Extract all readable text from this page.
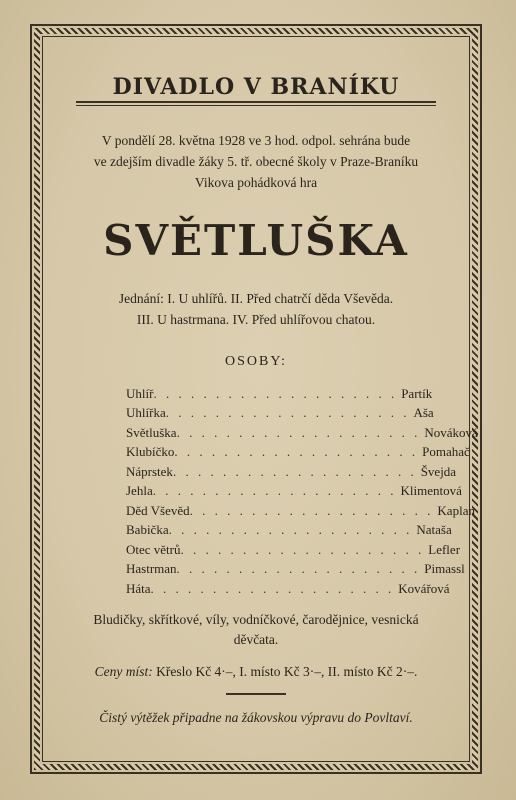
DIVADLO V BRANÍKU
V pondělí 28. května 1928 ve 3 hod. odpol. sehrána bude
ve zdejším divadle žáky 5. tř. obecné školy v Praze-Braníku
Vikova pohádková hra
SVĚTLUŠKA
Jednání: I. U uhlířů. II. Před chatrčí děda Vševěda.
III. U hastrmana. IV. Před uhlířovou chatou.
OSOBY:
Uhlíř . . . . . . . . . . . . . . . . . . . . Partík
Uhlířka . . . . . . . . . . . . . . . . . . . . Aša
Světluška . . . . . . . . . . . . . . . . . . . . Nováková
Klubíčko . . . . . . . . . . . . . . . . . . . . Pomahač
Náprstek . . . . . . . . . . . . . . . . . . . . Švejda
Jehla . . . . . . . . . . . . . . . . . . . . Klimentová
Děd Vševěd . . . . . . . . . . . . . . . . . . . . Kaplan
Babička . . . . . . . . . . . . . . . . . . . . Nataša
Otec větrů . . . . . . . . . . . . . . . . . . . . Lefler
Hastrman . . . . . . . . . . . . . . . . . . . . Pimassl
Háta . . . . . . . . . . . . . . . . . . . . Kovářová
Bludičky, skřítkové, víly, vodníčkové, čarodějnice, vesnická
děvčata.
Ceny míst: Křeslo Kč 4·–, I. místo Kč 3·–, II. místo Kč 2·–.
Čistý výtěžek připadne na žákovskou výpravu do Povltaví.
